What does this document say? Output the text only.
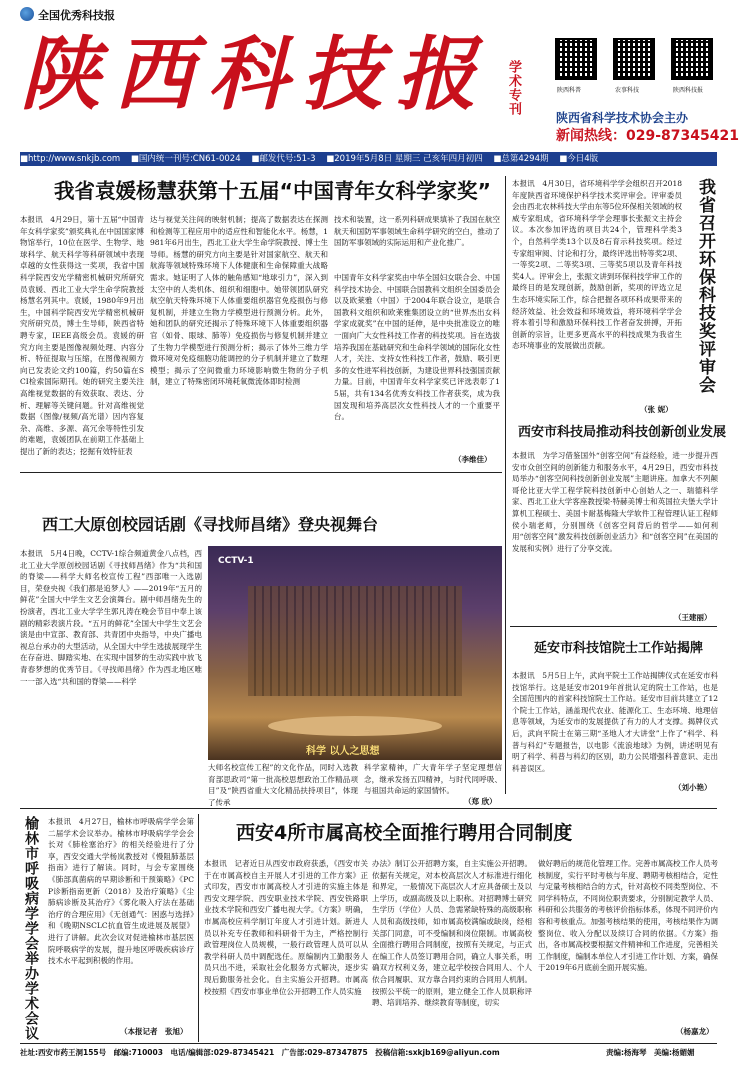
全国优秀科技报
陕西科技报 学术专刊	陕西科普	农事科技	陕西科技报
陕西省科学技术协会主办
新闻热线：029-87345421
■http://www.snkjb.com ■国内统一刊号:CN61-0024 ■邮发代号:51-3 ■2019年5月8日 星期三 己亥年四月初四 ■总第4294期 ■今日4版
我省袁媛杨慧获第十五届“中国青年女科学家奖”
本报讯　4月29日，第十五届“中国青年女科学家奖”颁奖典礼在中国国家博物馆举行，10位在医学、生物学、地球科学、航天科学等科研领域中表现卓越的女性获得这一奖项，我省中国科学院西安光学精密机械研究所研究员袁媛、西北工业大学生命学院教授杨慧名列其中。袁媛，1980年9月出生，中国科学院西安光学精密机械研究所研究员，博士生导师，陕西省特聘专家，IEEE高级会员。袁媛的研究方向主要是图像视频处理、内容分析、特征提取与压缩，在图像视频方向已发表论文约100篇，约50篇在SCI检索国际期刊。她的研究主要关注高维视觉数据的有效获取、表达、分析、理解等关键问题。针对高维视觉数据（图像/视频/高光谱）因内容复杂、高维、多源、高冗余等特性引发的难题，袁媛团队在前期工作基础上提出了新的表达；挖掘有效特征表
达与视觉关注间的映射机制；提高了数据表达在探测和检测等工程应用中的适应性和智能化水平。杨慧，1981年6月出生，西北工业大学生命学院教授、博士生导师。杨慧的研究方向主要是针对国家航空、航天和航海等领域特殊环境下人体健康和生命保障重大战略需求。她证明了人体的触角感知“地球引力”，深入到太空中的人类机体、组织和细胞中。她带领团队研究航空航天特殊环境下人体重要组织器官免疫损伤与修复机制，并建立生物力学模型进行预测分析。此外，她和团队的研究还揭示了特殊环境下人体重要组织器官（如骨、眼球、肺等）免疫损伤与修复机制并建立了生物力学模型进行预测分析；揭示了体外三维力学微环境对免疫细胞功能调控的分子机制并建立了数理模型；揭示了空间微重力环境影响微生物的分子机制，建立了特殊密闭环境耗氧微流体即时检测
技术和装置，这一系列科研成果填补了我国在航空航天和国防军事领域生命科学研究的空白，推动了国防军事领域的实际运用和产业化推广。
中国青年女科学家奖由中华全国妇女联合会、中国科学技术协会、中国联合国教科文组织全国委员会以及欧莱雅（中国）于2004年联合设立，是联合国教科文组织和欧莱雅集团设立的“世界杰出女科学家成就奖”在中国的延伸，是中央批准设立的唯一面向广大女性科技工作者的科技奖项。旨在选拔培养我国在基础研究和生命科学领域的国际化女性人才，关注、支持女性科技工作者，鼓励、吸引更多的女性进军科技创新，为建设世界科技强国贡献力量。目前，中国青年女科学家奖已评选表彰了15届，共有134名优秀女科技工作者获奖，成为我国发现和培养高层次女性科技人才的一个重要平台。
（李维佳）
本报讯　4月30日，省环境科学学会组织召开2018年度陕西省环境保护科学技术奖评审会。评审委员会由西北农林科技大学由东等5位环保相关领域的权威专家组成，省环境科学学会理事长张振文主持会议。本次参加评选的项目共24个，管理科学类3个，自然科学类13个以及8石育示科技奖项。经过专家组审阅、讨论和打分，最终评选出特等奖2项、一等奖2项、二等奖3项、三等奖5项以及青年科技奖4人。评审会上，张振文讲到环保科技学审工作的最终目的是发现创新，鼓励创新，奖项的评选立足生态环境实际工作，综合把握各项环科成果带来的经济效益、社会效益和环境效益，将环境科学学会将本着引导和激励环保科技工作者奋发拼搏，开拓创新的宗旨，让更多更高水平的科技成果为我省生态环境事业的发展做出贡献。	我省召开环保科技奖评审会
（张 妮）
西安市科技局推动科技创新创业发展
本报讯　为学习借鉴国外“创客空间”有益经验，进一步提升西安市众创空间的创新能力和服务水平，4月29日，西安市科技局举办“创客空间科技创新创业发展”主题讲座。加拿大不列颠哥伦比亚大学工程学院科技创新中心创始人之一、瑞德科学家、西北工业大学客座教授梁·特赫美博士和英国拉夫堡大学计算机工程硕士、美国卡耐基梅隆大学软件工程管理认证工程师侯小瑞老师，分别围绕《创客空间背后的哲学——如何利用“创客空间”激发科技创新创业活力》和“创客空间”在美国的发展和实例》进行了分享交流。
（王建丽）
延安市科技馆院士工作站揭牌
本报讯　5月5日上午，武向平院士工作站揭牌仪式在延安市科技馆举行。这是延安市2019年首批认定的院士工作站，也是全国范围内的首家科技馆院士工作站。延安市目前共建立了12个院士工作站，涵盖现代农业、能源化工、生态环境、地理信息等领域，为延安市的发展提供了有力的人才支撑。揭牌仪式后，武向平院士在第三期“圣地人才大讲堂”上作了“科学、科普与科幻”专题报告，以电影《流浪地球》为例，讲述明见有明了科学、科普与科幻的区别，助力公民增强科普意识、走出科普误区。
（刘小艳）
西工大原创校园话剧《寻找师昌绪》登央视舞台
本报讯　5月4日晚，CCTV-1综合频道黄金八点档，西北工业大学原创校园话剧《寻找师昌绪》作为“共和国的脊梁——科学大师名校宣传工程”西部唯一入选剧目，荣登央视《我们都是追梦人》——2019年“五月的鲜花”全国大中学生文艺会演舞台。剧中师昌绪先生的扮演者，西北工业大学学生郭凡涛在晚会节目中奉上该剧的精彩表演片段。“五月的鲜花”全国大中学生文艺会演是由中宣部、教育部、共青团中央指导，中央广播电视总台承办的大型活动，从全国大中学生选拔展现学生在存奋进、脚踏实地、在实现中国梦的生动实践中放飞青春梦想的优秀节目。《寻找师昌绪》作为西北地区唯一一部入选“共和国的脊梁——科学
CCTV-1
科学 以人之思想
大师名校宣传工程”的文化作品，同时入选教育部思政司“第一批高校思想政治工作精品项目”及“陕西省重大文化精品扶持项目”，体现了传承
科学家精神，广大青年学子坚定理想信念，继承发扬五四精神，与时代同呼吸、与祖国共命运的家国情怀。
（郑 欣）
榆林市呼吸病学学会举办学术会议 本报讯　4月27日，榆林市呼吸病学学会第二届学术会议举办。榆林市呼吸病学学会会长对《肺栓塞治疗》的相关经验进行了分享，西安交通大学杨岚教授对《慢阻肺基层指南》进行了解读。同时，与会专家围绕《肺部真菌病的早期诊断和干预策略》《PCP诊断指南更新（2018）及治疗策略》《尘肺病诊断及其治疗》《雾化吸入疗法在基础治疗的合理应用》《无创通气：困惑与选择》和《晚期NSCLC抗血管生成进展及展望》进行了讲解。此次会议对促进榆林市基层医院呼吸病学的发展，提升地区呼吸疾病诊疗技术水平起到积极的作用。
（本报记者　张旭）
西安4所市属高校全面推行聘用合同制度
本报讯　记者近日从西安市政府获悉，《西安市关于在市属高校自主开展人才引进的工作方案》正式印发，西安市市属高校人才引进的实施主体是西安文理学院、西安职业技术学院、西安铁路职业技术学院和西安广播电视大学。《方案》明确，市属高校应科学制订年度人才引进计划。新进人员以补充专任教师和科研骨干为主，严格控制行政管理岗位人员规模，一般行政管理人员可以从教学科研人员中调配选任。原编制内工勤服务人员只出不进，采取社会化服务方式解决，逐步实现后勤服务社会化。自主实施公开招聘。市属高校按照《西安市事业单位公开招聘工作人员实施
办法》制订公开招聘方案，自主实施公开招聘。依据有关规定，对本校高层次人才标准进行细化和界定，一般情况下高层次人才应具备硕士及以上学历，或副高级及以上职称。对招聘博士研究生学历（学位）人员、急需紧缺特殊的高级职称人员和高级技师，如市属高校满编或缺岗，经相关部门同意，可不受编制和岗位限制。市属高校全面推行聘用合同制度，按照有关规定，与正式在编工作人员签订聘用合同，确立人事关系，明确双方权利义务，建立起学校按合同用人、个人依合同履职、双方靠合同约束的合同用人机制。按照公平统一的原则，建立健全工作人员职称评聘、培训培养、继续教育等制度，切实
做好聘后的规范化管理工作。完善市属高校工作人员考核制度，实行平时考核与年度、聘期考核相结合，定性与定量考核相结合的方式，针对高校不同类型岗位、不同学科特点，不同岗位职责要求，分别制定教学人员、科研和公共服务的考核评价指标体系，体现不同评价内容和考核重点。加强考核结果的使用，考核结果作为调整岗位、收入分配以及续订合同的依据。《方案》指出，各市属高校要根据文件精神和工作进度，完善相关工作制度，编制本单位人才引进工作计划、方案，确保于2019年6月底前全面开展实施。
（杨嘉龙）
社址:西安市药王洞155号　邮编:710003　电话/编辑部:029-87345421　广告部:029-87347875　投稿信箱:sxkjb169@aliyun.com	责编:杨海琴　美编:杨媚媚
